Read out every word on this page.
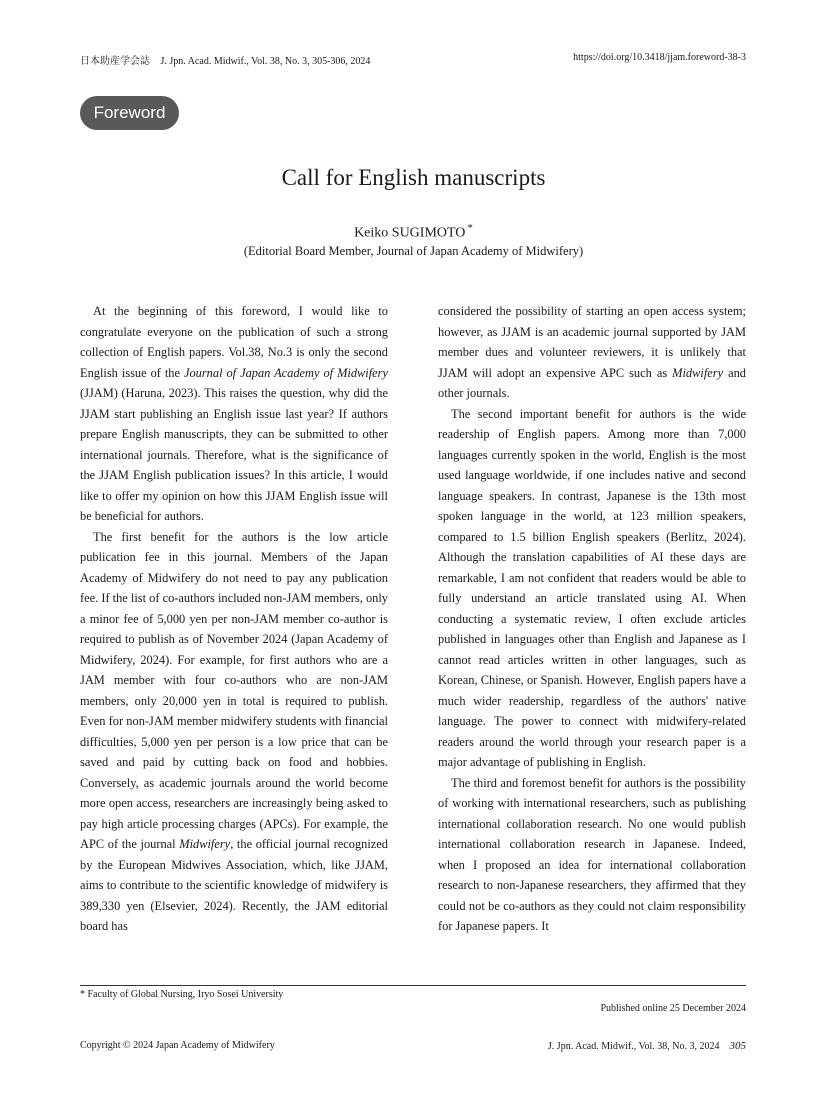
日本助産学会誌 J. Jpn. Acad. Midwif., Vol. 38, No. 3, 305-306, 2024	https://doi.org/10.3418/jjam.foreword-38-3
Foreword
Call for English manuscripts
Keiko SUGIMOTO *
(Editorial Board Member, Journal of Japan Academy of Midwifery)

At the beginning of this foreword, I would like to congratulate everyone on the publication of such a strong collection of English papers. Vol.38, No.3 is only the second English issue of the Journal of Japan Academy of Midwifery (JJAM) (Haruna, 2023). This raises the question, why did the JJAM start publishing an English issue last year? If authors prepare English manuscripts, they can be submitted to other international journals. Therefore, what is the significance of the JJAM English publication issues? In this article, I would like to offer my opinion on how this JJAM English issue will be beneficial for authors.

The first benefit for the authors is the low article publication fee in this journal. Members of the Japan Academy of Midwifery do not need to pay any publication fee. If the list of co-authors included non-JAM members, only a minor fee of 5,000 yen per non-JAM member co-author is required to publish as of November 2024 (Japan Academy of Midwifery, 2024). For example, for first authors who are a JAM member with four co-authors who are non-JAM members, only 20,000 yen in total is required to publish. Even for non-JAM member midwifery students with financial difficulties, 5,000 yen per person is a low price that can be saved and paid by cutting back on food and hobbies. Conversely, as academic journals around the world become more open access, researchers are increasingly being asked to pay high article processing charges (APCs). For example, the APC of the journal Midwifery, the official journal recognized by the European Midwives Association, which, like JJAM, aims to contribute to the scientific knowledge of midwifery is 389,330 yen (Elsevier, 2024). Recently, the JAM editorial board has

considered the possibility of starting an open access system; however, as JJAM is an academic journal supported by JAM member dues and volunteer reviewers, it is unlikely that JJAM will adopt an expensive APC such as Midwifery and other journals.

The second important benefit for authors is the wide readership of English papers. Among more than 7,000 languages currently spoken in the world, English is the most used language worldwide, if one includes native and second language speakers. In contrast, Japanese is the 13th most spoken language in the world, at 123 million speakers, compared to 1.5 billion English speakers (Berlitz, 2024). Although the translation capabilities of AI these days are remarkable, I am not confident that readers would be able to fully understand an article translated using AI. When conducting a systematic review, I often exclude articles published in languages other than English and Japanese as I cannot read articles written in other languages, such as Korean, Chinese, or Spanish. However, English papers have a much wider readership, regardless of the authors' native language. The power to connect with midwifery-related readers around the world through your research paper is a major advantage of publishing in English.

The third and foremost benefit for authors is the possibility of working with international researchers, such as publishing international collaboration research. No one would publish international collaboration research in Japanese. Indeed, when I proposed an idea for international collaboration research to non-Japanese researchers, they affirmed that they could not be co-authors as they could not claim responsibility for Japanese papers. It

* Faculty of Global Nursing, Iryo Sosei University
Published online 25 December 2024
Copyright © 2024 Japan Academy of Midwifery	J. Jpn. Acad. Midwif., Vol. 38, No. 3, 2024 305
